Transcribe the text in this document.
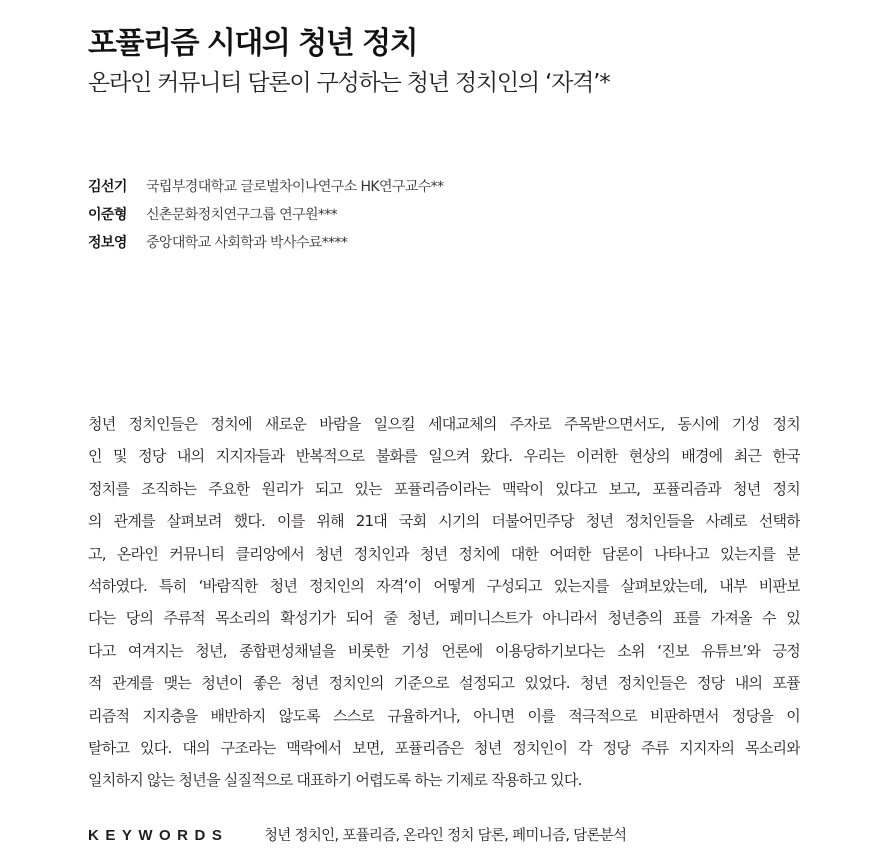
포퓰리즘 시대의 청년 정치
온라인 커뮤니티 담론이 구성하는 청년 정치인의 ‘자격’*
김선기	국립부경대학교 글로벌차이나연구소 HK연구교수**
이준형	신촌문화정치연구그룹 연구원***
정보영	중앙대학교 사회학과 박사수료****
청년 정치인들은 정치에 새로운 바람을 일으킬 세대교체의 주자로 주목받으면서도, 동시에 기성 정치
인 및 정당 내의 지지자들과 반복적으로 불화를 일으켜 왔다. 우리는 이러한 현상의 배경에 최근 한국
정치를 조직하는 주요한 원리가 되고 있는 포퓰리즘이라는 맥락이 있다고 보고, 포퓰리즘과 청년 정치
의 관계를 살펴보려 했다. 이를 위해 21대 국회 시기의 더불어민주당 청년 정치인들을 사례로 선택하
고, 온라인 커뮤니티 클리앙에서 청년 정치인과 청년 정치에 대한 어떠한 담론이 나타나고 있는지를 분
석하였다. 특히 ‘바람직한 청년 정치인의 자격’이 어떻게 구성되고 있는지를 살펴보았는데, 내부 비판보
다는 당의 주류적 목소리의 확성기가 되어 줄 청년, 페미니스트가 아니라서 청년층의 표를 가져올 수 있
다고 여겨지는 청년, 종합편성채널을 비롯한 기성 언론에 이용당하기보다는 소위 ‘진보 유튜브’와 긍정
적 관계를 맺는 청년이 좋은 청년 정치인의 기준으로 설정되고 있었다. 청년 정치인들은 정당 내의 포퓰
리즘적 지지층을 배반하지 않도록 스스로 규율하거나, 아니면 이를 적극적으로 비판하면서 정당을 이
탈하고 있다. 대의 구조라는 맥락에서 보면, 포퓰리즘은 청년 정치인이 각 정당 주류 지지자의 목소리와
일치하지 않는 청년을 실질적으로 대표하기 어렵도록 하는 기제로 작용하고 있다.
KEYWORDS	청년 정치인, 포퓰리즘, 온라인 정치 담론, 페미니즘, 담론분석
